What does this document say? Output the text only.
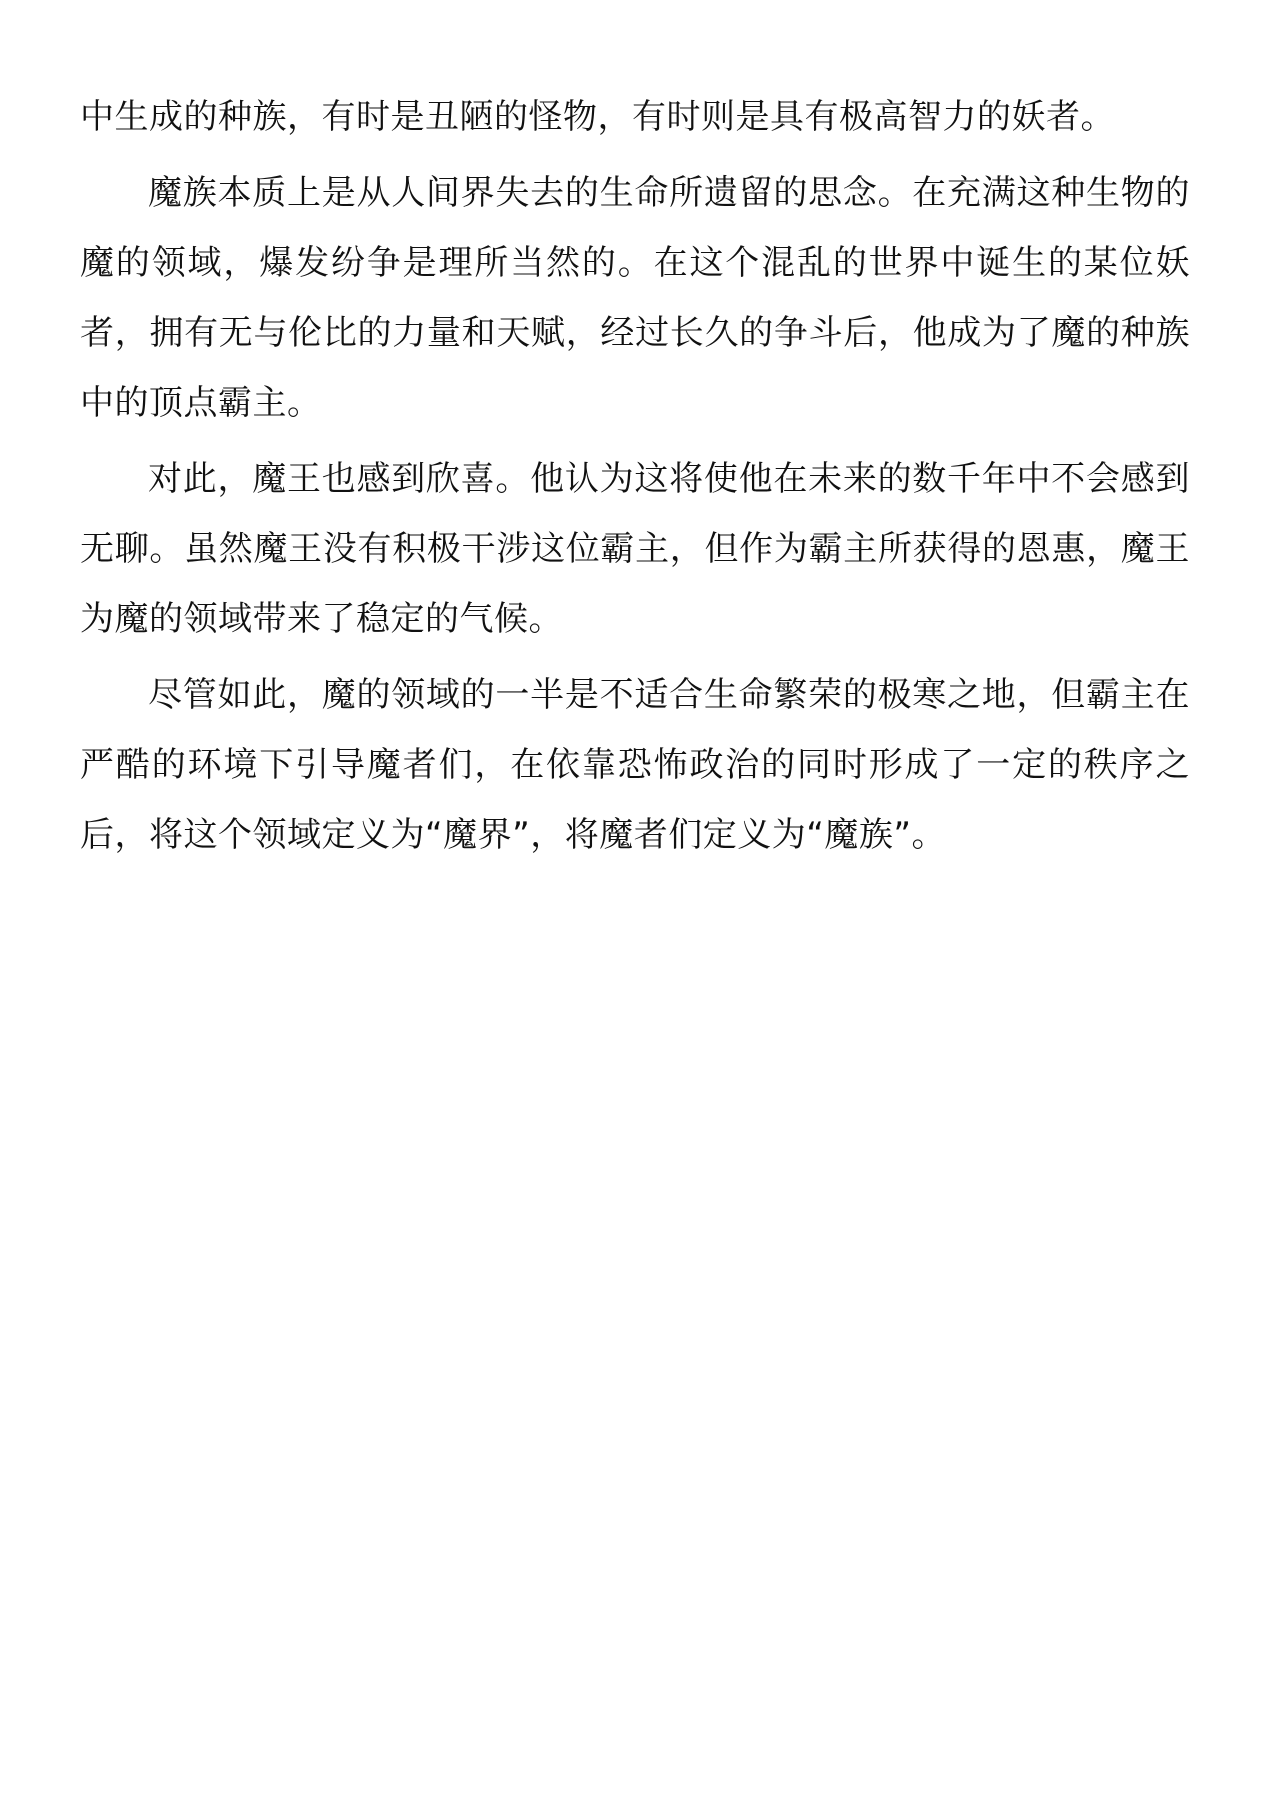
中生成的种族，有时是丑陋的怪物，有时则是具有极高智力的妖者。

魔族本质上是从人间界失去的生命所遗留的思念。在充满这种生物的魔的领域，爆发纷争是理所当然的。在这个混乱的世界中诞生的某位妖者，拥有无与伦比的力量和天赋，经过长久的争斗后，他成为了魔的种族中的顶点霸主。

对此，魔王也感到欣喜。他认为这将使他在未来的数千年中不会感到无聊。虽然魔王没有积极干涉这位霸主，但作为霸主所获得的恩惠，魔王为魔的领域带来了稳定的气候。

尽管如此，魔的领域的一半是不适合生命繁荣的极寒之地，但霸主在严酷的环境下引导魔者们，在依靠恐怖政治的同时形成了一定的秩序之后，将这个领域定义为“魔界”，将魔者们定义为“魔族”。
